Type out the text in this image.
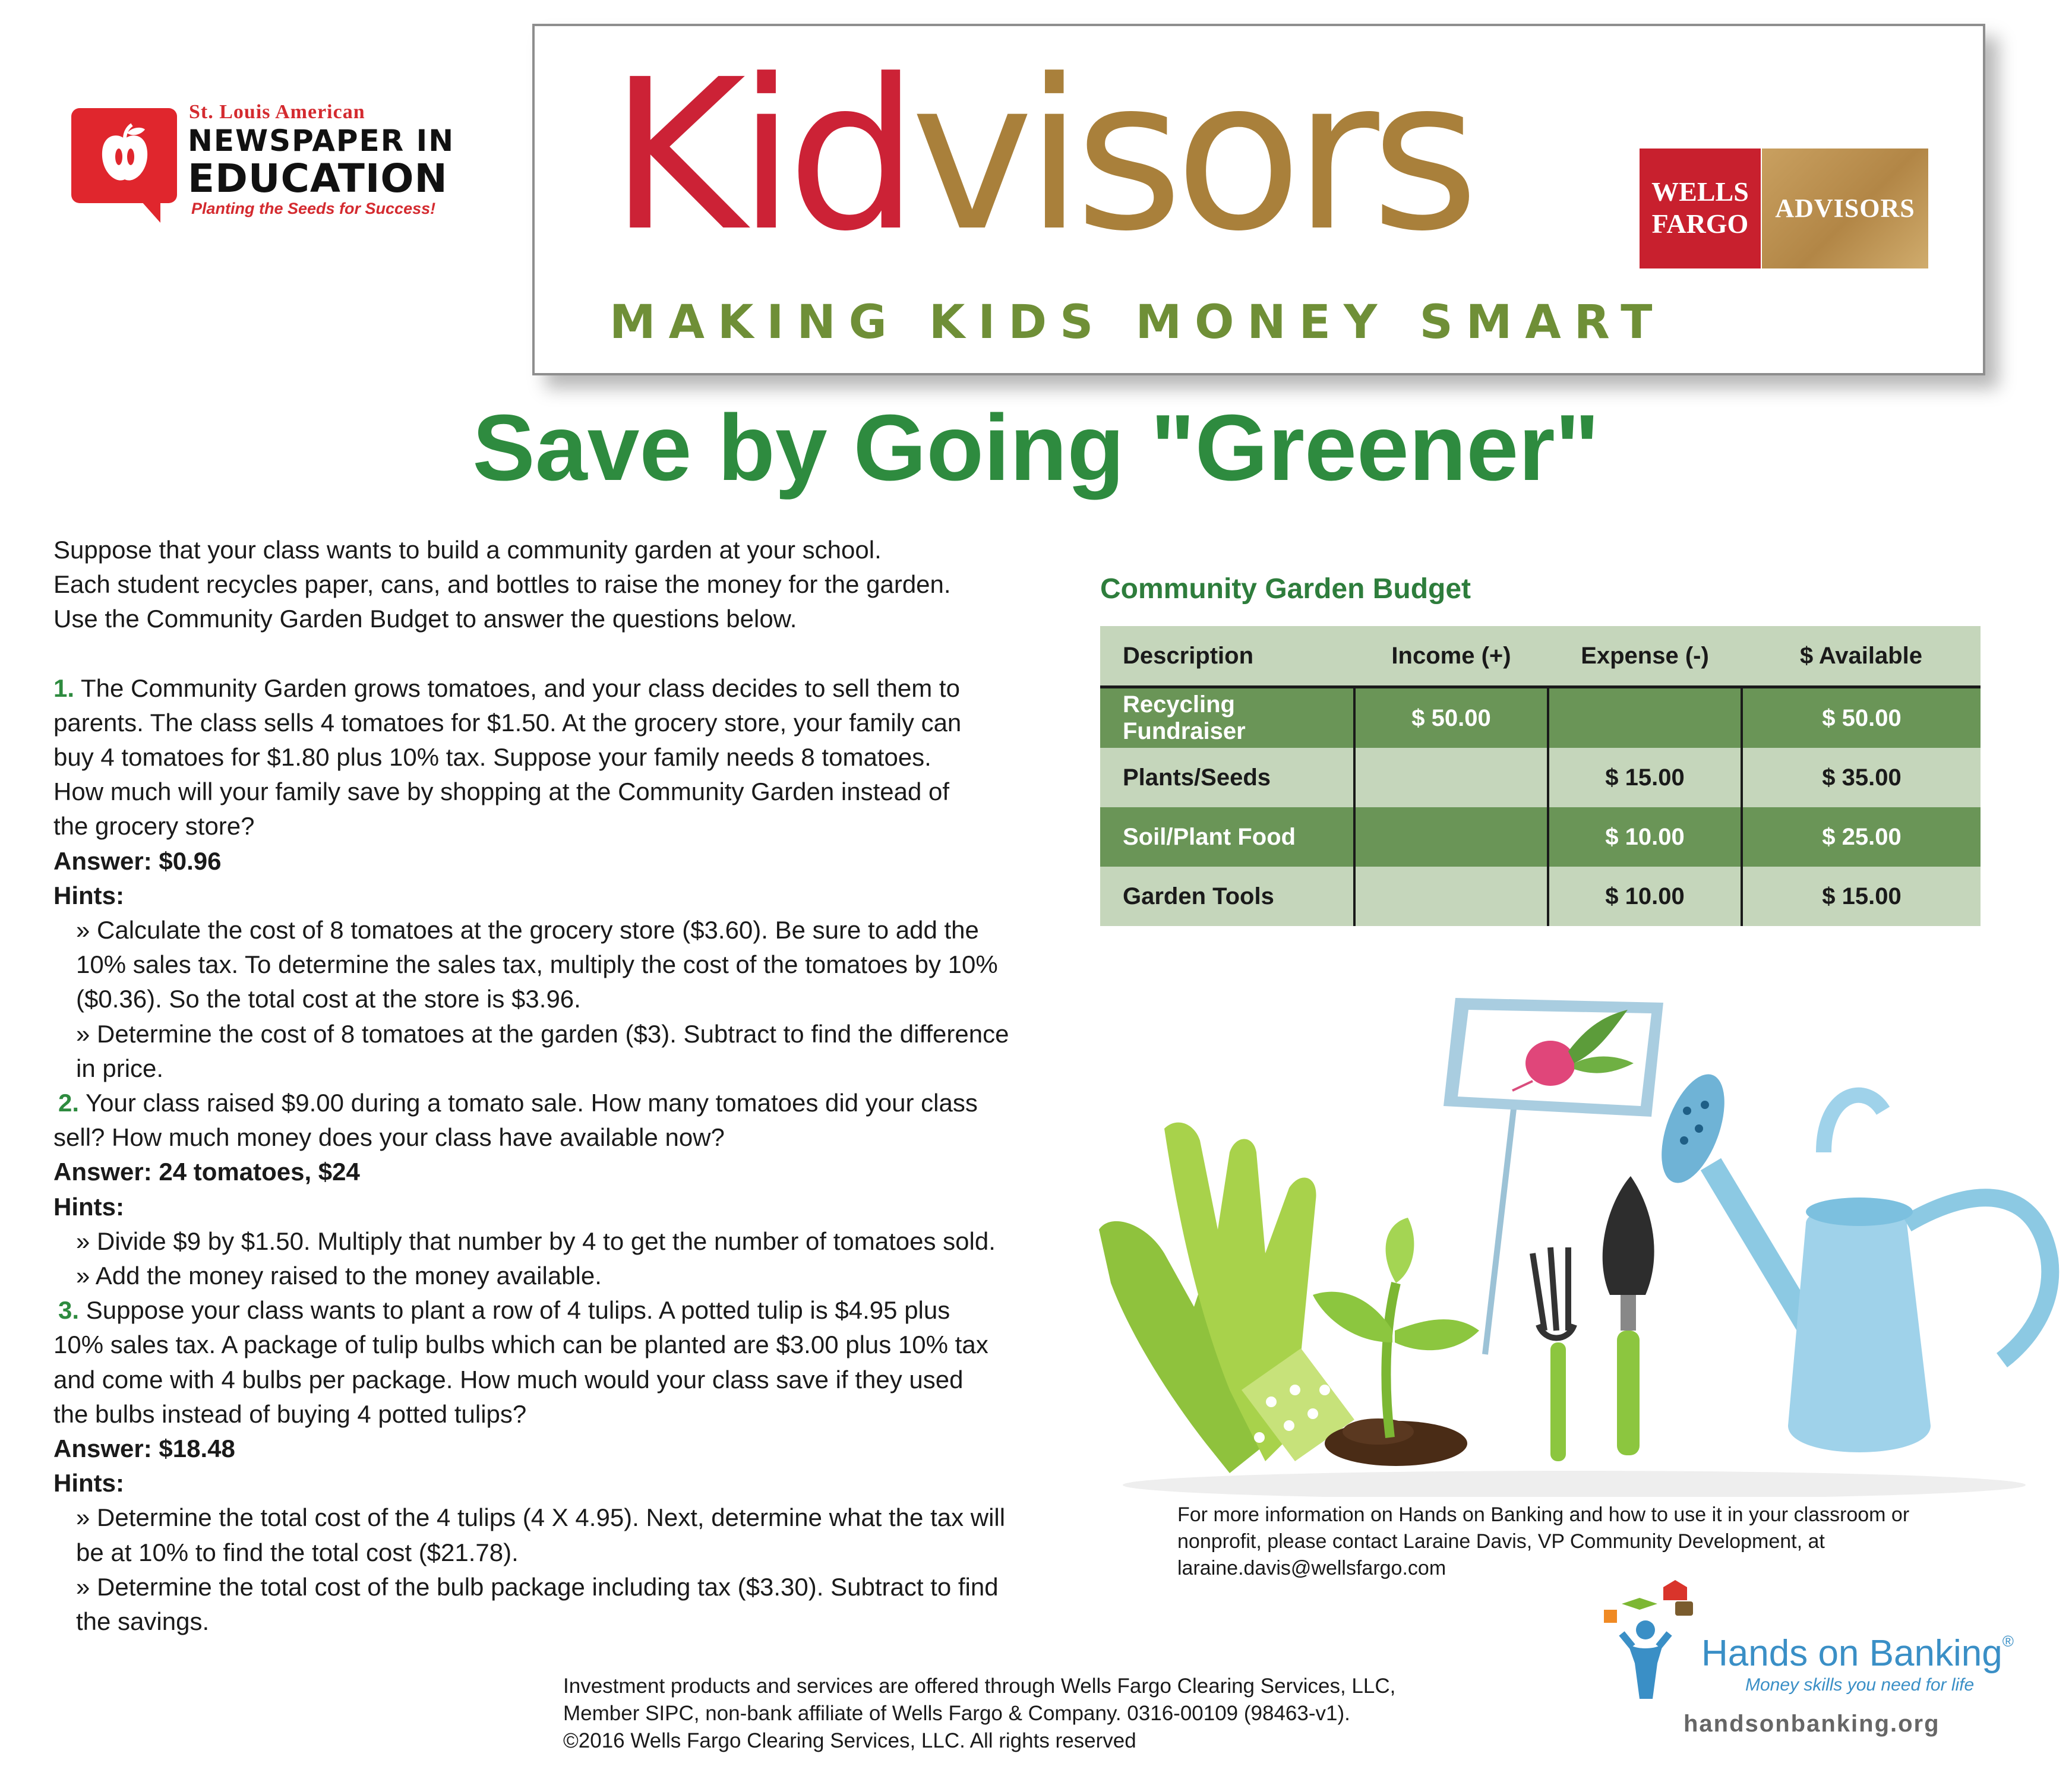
St. Louis American
NEWSPAPER IN
EDUCATION
Planting the Seeds for Success! Kidvisors
MAKING KIDS MONEY SMART
WELLS
FARGO
ADVISORS
Save by Going "Greener"

Suppose that your class wants to build a community garden at your school.

Each student recycles paper, cans, and bottles to raise the money for the garden.

Use the Community Garden Budget to answer the questions below.

1. The Community Garden grows tomatoes, and your class decides to sell them to

parents. The class sells 4 tomatoes for $1.50. At the grocery store, your family can

buy 4 tomatoes for $1.80 plus 10% tax. Suppose your family needs 8 tomatoes.

How much will your family save by shopping at the Community Garden instead of

the grocery store?

Answer: $0.96

Hints:

» Calculate the cost of 8 tomatoes at the grocery store ($3.60). Be sure to add the

10% sales tax. To determine the sales tax, multiply the cost of the tomatoes by 10%

($0.36). So the total cost at the store is $3.96.

» Determine the cost of 8 tomatoes at the garden ($3). Subtract to find the difference

in price.

2. Your class raised $9.00 during a tomato sale. How many tomatoes did your class

sell? How much money does your class have available now?

Answer: 24 tomatoes, $24

Hints:

» Divide $9 by $1.50. Multiply that number by 4 to get the number of tomatoes sold.

» Add the money raised to the money available.

3. Suppose your class wants to plant a row of 4 tulips. A potted tulip is $4.95 plus

10% sales tax. A package of tulip bulbs which can be planted are $3.00 plus 10% tax

and come with 4 bulbs per package. How much would your class save if they used

the bulbs instead of buying 4 potted tulips?

Answer: $18.48

Hints:

» Determine the total cost of the 4 tulips (4 X 4.95). Next, determine what the tax will

be at 10% to find the total cost ($21.78).

» Determine the total cost of the bulb package including tax ($3.30). Subtract to find

the savings.

Community Garden Budget
Description	Income (+)	Expense (-)	$ Available
Recycling Fundraiser	$ 50.00		$ 50.00
Plants/Seeds		$ 15.00	$ 35.00
Soil/Plant Food		$ 10.00	$ 25.00
Garden Tools		$ 10.00	$ 15.00

For more information on Hands on Banking and how to use it in your classroom or

nonprofit, please contact Laraine Davis, VP Community Development, at

laraine.davis@wellsfargo.com

Hands on Banking®
Money skills you need for life
handsonbanking.org

Investment products and services are offered through Wells Fargo Clearing Services, LLC,

Member SIPC, non-bank affiliate of Wells Fargo & Company. 0316-00109 (98463-v1).

©2016 Wells Fargo Clearing Services, LLC. All rights reserved
